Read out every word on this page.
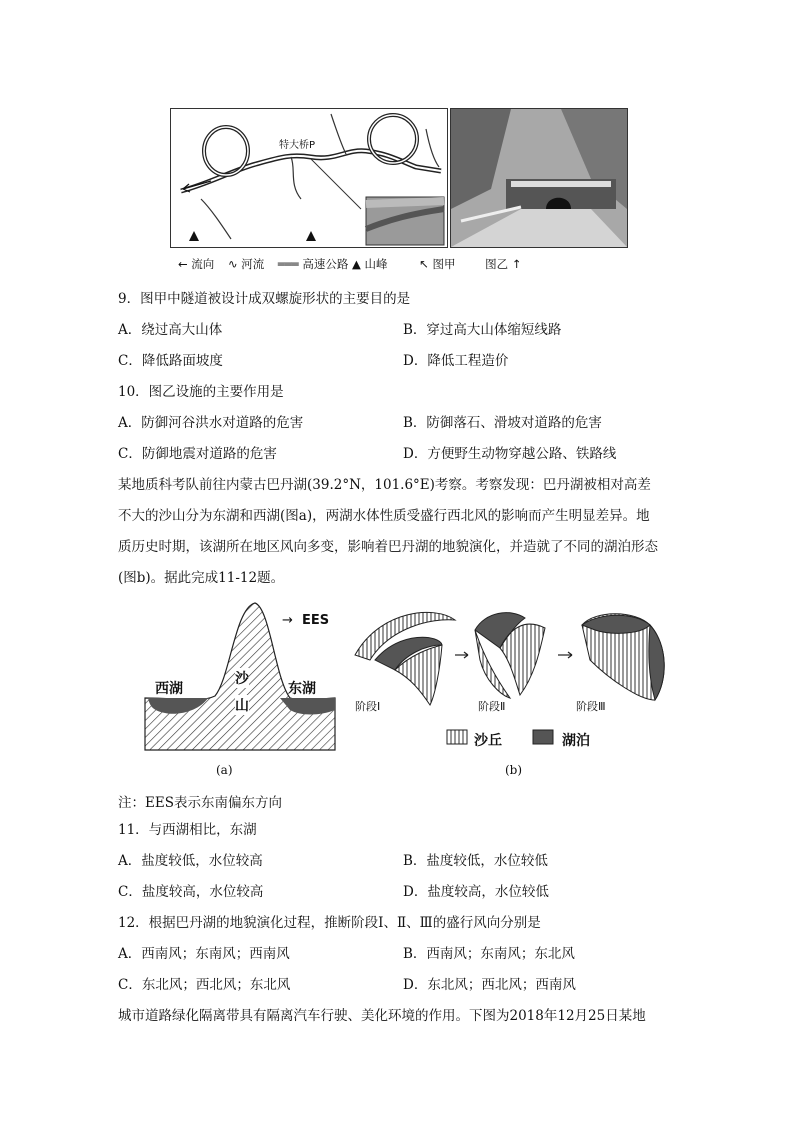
特大桥P
← 流向 ∿ 河流 ═══ 高速公路 ▲ 山峰	↖ 图甲	图乙 ↑
9．图甲中隧道被设计成双螺旋形状的主要目的是
A．绕过高大山体	B．穿过高大山体缩短线路
C．降低路面坡度	D．降低工程造价
10．图乙设施的主要作用是
A．防御河谷洪水对道路的危害	B．防御落石、滑坡对道路的危害
C．防御地震对道路的危害	D．方便野生动物穿越公路、铁路线
某地质科考队前往内蒙古巴丹湖(39.2°N，101.6°E)考察。考察发现：巴丹湖被相对高差
不大的沙山分为东湖和西湖(图a)，两湖水体性质受盛行西北风的影响而产生明显差异。地
质历史时期，该湖所在地区风向多变，影响着巴丹湖的地貌演化，并造就了不同的湖泊形态
(图b)。据此完成11-12题。
→ EES
西湖	东湖
沙
山
(a)
阶段Ⅰ	阶段Ⅱ	阶段Ⅲ
沙丘	湖泊
(b)
注：EES表示东南偏东方向
11．与西湖相比，东湖
A．盐度较低，水位较高	B．盐度较低，水位较低
C．盐度较高，水位较高	D．盐度较高，水位较低
12．根据巴丹湖的地貌演化过程，推断阶段Ⅰ、Ⅱ、Ⅲ的盛行风向分别是
A．西南风；东南风；西南风	B．西南风；东南风；东北风
C．东北风；西北风；东北风	D．东北风；西北风；西南风
城市道路绿化隔离带具有隔离汽车行驶、美化环境的作用。下图为2018年12月25日某地
